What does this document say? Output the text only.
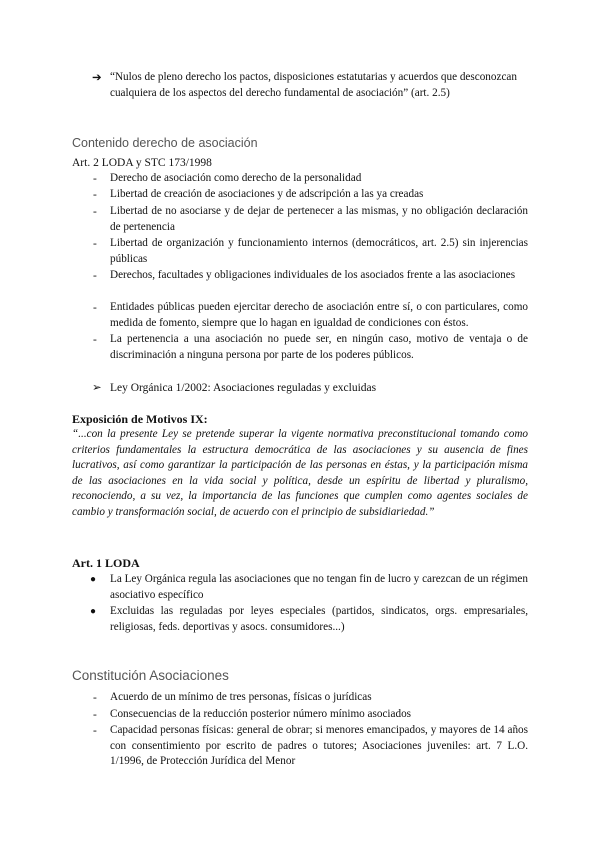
➔ “Nulos de pleno derecho los pactos, disposiciones estatutarias y acuerdos que desconozcan cualquiera de los aspectos del derecho fundamental de asociación” (art. 2.5)
Contenido derecho de asociación
Art. 2 LODA y STC 173/1998
- Derecho de asociación como derecho de la personalidad
- Libertad de creación de asociaciones y de adscripción a las ya creadas
- Libertad de no asociarse y de dejar de pertenecer a las mismas, y no obligación declaración de pertenencia
- Libertad de organización y funcionamiento internos (democráticos, art. 2.5) sin injerencias públicas
- Derechos, facultades y obligaciones individuales de los asociados frente a las asociaciones
- Entidades públicas pueden ejercitar derecho de asociación entre sí, o con particulares, como medida de fomento, siempre que lo hagan en igualdad de condiciones con éstos.
- La pertenencia a una asociación no puede ser, en ningún caso, motivo de ventaja o de discriminación a ninguna persona por parte de los poderes públicos.
➢ Ley Orgánica 1/2002: Asociaciones reguladas y excluidas
Exposición de Motivos IX:
“...con la presente Ley se pretende superar la vigente normativa preconstitucional tomando como criterios fundamentales la estructura democrática de las asociaciones y su ausencia de fines lucrativos, así como garantizar la participación de las personas en éstas, y la participación misma de las asociaciones en la vida social y política, desde un espíritu de libertad y pluralismo, reconociendo, a su vez, la importancia de las funciones que cumplen como agentes sociales de cambio y transformación social, de acuerdo con el principio de subsidiariedad.”
Art. 1 LODA
● La Ley Orgánica regula las asociaciones que no tengan fin de lucro y carezcan de un régimen asociativo específico
● Excluidas las reguladas por leyes especiales (partidos, sindicatos, orgs. empresariales, religiosas, feds. deportivas y asocs. consumidores...)
Constitución Asociaciones
- Acuerdo de un mínimo de tres personas, físicas o jurídicas
- Consecuencias de la reducción posterior número mínimo asociados
- Capacidad personas físicas: general de obrar; si menores emancipados, y mayores de 14 años con consentimiento por escrito de padres o tutores; Asociaciones juveniles: art. 7 L.O. 1/1996, de Protección Jurídica del Menor
